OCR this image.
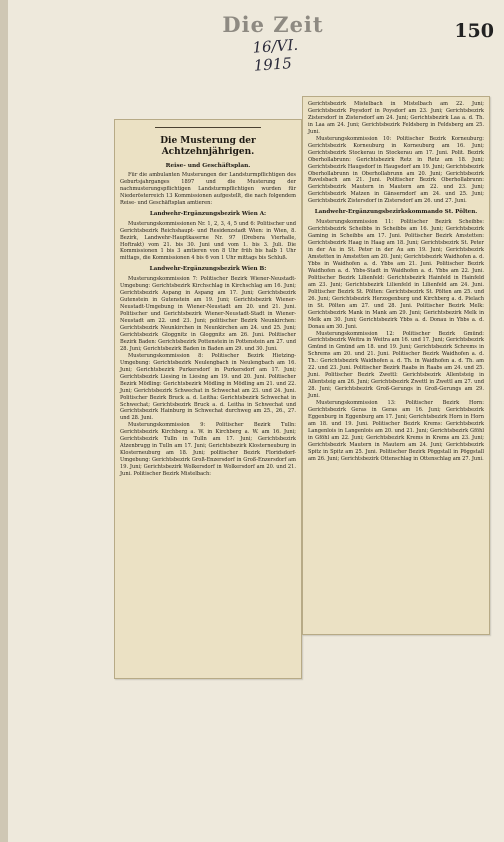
Die Zeit	150
16/VI. 1915

Die Musterung der Achtzehnjährigen.

Reise- und Geschäftsplan.

Für die ambulanten Musterungen der Landsturmpflichtigen des Geburtsjahrganges 1897 und die Musterung der nachmusterungspflichtigen Landsturmpflichtigen wurden für Niederösterreich 13 Kommissionen aufgestellt, die nach folgendem Reise- und Geschäftsplan amtieren:

Landwehr-Ergänzungsbezirk Wien A:

Musterungskommissionen Nr. 1, 2, 3, 4, 5 und 6: Politischer und Gerichtsbezirk Reichshaupt- und Residenzstadt Wien: in Wien, 8. Bezirk, Landwehr-Hauptkaserne Nr. 97 (Drebera Vierhalle, Hoftrakt) vom 21. bis 30. Juni und vom 1. bis 3. Juli. Die Kommissionen 1 bis 3 amtieren von 8 Uhr früh bis halb 1 Uhr mittags, die Kommissionen 4 bis 6 von 1 Uhr mittags bis Schluß.

Landwehr-Ergänzungsbezirk Wien B:

Musterungskommission 7: Politischer Bezirk Wiener-Neustadt-Umgebung: Gerichtsbezirk Kirchschlag in Kirchschlag am 16. Juni; Gerichtsbezirk Aspang in Aspang am 17. Juni; Gerichtsbezirk Gutenstein in Gutenstein am 19. Juni; Gerichtsbezirk Wiener-Neustadt-Umgebung in Wiener-Neustadt am 20. und 21. Juni. Politischer und Gerichtsbezirk Wiener-Neustadt-Stadt in Wiener-Neustadt am 22. und 23. Juni; politischer Bezirk Neunkirchen: Gerichtsbezirk Neunkirchen in Neunkirchen am 24. und 25. Juni; Gerichtsbezirk Gloggnitz in Gloggnitz am 26. Juni. Politischer Bezirk Baden: Gerichtsbezirk Pottenstein in Pottenstein am 27. und 28. Juni; Gerichtsbezirk Baden in Baden am 29. und 30. Juni.

Musterungskommission 8: Politischer Bezirk Hietzing-Umgebung: Gerichtsbezirk Neulengbach in Neulengbach am 16. Juni; Gerichtsbezirk Purkersdorf in Purkersdorf am 17. Juni; Gerichtsbezirk Liesing in Liesing am 19. und 20. Juni. Politischer Bezirk Mödling: Gerichtsbezirk Mödling in Mödling am 21. und 22. Juni; Gerichtsbezirk Schwechat in Schwechat am 23. und 24. Juni. Politischer Bezirk Bruck a. d. Leitha: Gerichtsbezirk Schwechat in Schwechat; Gerichtsbezirk Bruck a. d. Leitha in Schwechat und Gerichtsbezirk Hainburg in Schwechat durchweg am 25., 26., 27. und 28. Juni.

Musterungskommission 9: Politischer Bezirk Tulln: Gerichtsbezirk Kirchberg a. W. in Kirchberg a. W. am 16. Juni; Gerichtsbezirk Tulln in Tulln am 17. Juni; Gerichtsbezirk Atzenbrugg in Tulln am 17. Juni; Gerichtsbezirk Klosterneuburg in Klosterneuburg am 18. Juni; politischer Bezirk Floridsdorf-Umgebung: Gerichtsbezirk Groß-Enzersdorf in Groß-Enzersdorf am 19. Juni; Gerichtsbezirk Wolkersdorf in Wolkersdorf am 20. und 21. Juni. Politischer Bezirk Mistelbach:

Gerichtsbezirk Mistelbach in Mistelbach am 22. Juni; Gerichtsbezirk Poysdorf in Poysdorf am 23. Juni; Gerichtsbezirk Zistersdorf in Zistersdorf am 24. Juni; Gerichtsbezirk Laa a. d. Th. in Laa am 24. Juni; Gerichtsbezirk Feldsberg in Feldsberg am 25. Juni.

Musterungskommission 10: Politischer Bezirk Korneuburg: Gerichtsbezirk Korneuburg in Korneuburg am 16. Juni; Gerichtsbezirk Stockerau in Stockerau am 17. Juni. Polit. Bezirk Oberhollabrunn: Gerichtsbezirk Retz in Retz am 18. Juni; Gerichtsbezirk Haugsdorf in Haugsdorf am 19. Juni; Gerichtsbezirk Oberhollabrunn in Oberhollabrunn am 20. Juni; Gerichtsbezirk Ravelsbach am 21. Juni. Politischer Bezirk Oberhollabrunn: Gerichtsbezirk Mautern in Mautern am 22. und 23. Juni; Gerichtsbezirk Matzen in Gänserndorf am 24. und 25. Juni; Gerichtsbezirk Zistersdorf in Zistersdorf am 26. und 27. Juni.

Landwehr-Ergänzungsbezirkskommando St. Pölten.

Musterungskommission 11: Politischer Bezirk Scheibbs: Gerichtsbezirk Scheibbs in Scheibbs am 16. Juni; Gerichtsbezirk Gaming in Scheibbs am 17. Juni. Politischer Bezirk Amstetten: Gerichtsbezirk Haag in Haag am 18. Juni; Gerichtsbezirk St. Peter in der Au in St. Peter in der Au am 19. Juni; Gerichtsbezirk Amstetten in Amstetten am 20. Juni; Gerichtsbezirk Waidhofen a. d. Ybbs in Waidhofen a. d. Ybbs am 21. Juni. Politischer Bezirk Waidhofen a. d. Ybbs-Stadt in Waidhofen a. d. Ybbs am 22. Juni. Politischer Bezirk Lilienfeld: Gerichtsbezirk Hainfeld in Hainfeld am 23. Juni; Gerichtsbezirk Lilienfeld in Lilienfeld am 24. Juni. Politischer Bezirk St. Pölten: Gerichtsbezirk St. Pölten am 25. und 26. Juni; Gerichtsbezirk Herzogenburg und Kirchberg a. d. Pielach in St. Pölten am 27. und 28. Juni. Politischer Bezirk Melk: Gerichtsbezirk Mank in Mank am 29. Juni; Gerichtsbezirk Melk in Melk am 30. Juni; Gerichtsbezirk Ybbs a. d. Donau in Ybbs a. d. Donau am 30. Juni.

Musterungskommission 12: Politischer Bezirk Gmünd: Gerichtsbezirk Weitra in Weitra am 16. und 17. Juni; Gerichtsbezirk Gmünd in Gmünd am 18. und 19. Juni; Gerichtsbezirk Schrems in Schrems am 20. und 21. Juni. Politischer Bezirk Waidhofen a. d. Th.: Gerichtsbezirk Waidhofen a. d. Th. in Waidhofen a. d. Th. am 22. und 23. Juni. Politischer Bezirk Raabs in Raabs am 24. und 25. Juni. Politischer Bezirk Zwettl: Gerichtsbezirk Allentsteig in Allentsteig am 26. Juni; Gerichtsbezirk Zwettl in Zwettl am 27. und 28. Juni; Gerichtsbezirk Groß-Gerungs in Groß-Gerungs am 29. Juni.

Musterungskommission 13: Politischer Bezirk Horn: Gerichtsbezirk Geras in Geras am 16. Juni; Gerichtsbezirk Eggenburg in Eggenburg am 17. Juni; Gerichtsbezirk Horn in Horn am 18. und 19. Juni. Politischer Bezirk Krems: Gerichtsbezirk Langenlois in Langenlois am 20. und 21. Juni; Gerichtsbezirk Gföhl in Gföhl am 22. Juni; Gerichtsbezirk Krems in Krems am 23. Juni; Gerichtsbezirk Mautern in Mautern am 24. Juni; Gerichtsbezirk Spitz in Spitz am 25. Juni. Politischer Bezirk Pöggstall in Pöggstall am 26. Juni; Gerichtsbezirk Ottenschlag in Ottenschlag am 27. Juni.
